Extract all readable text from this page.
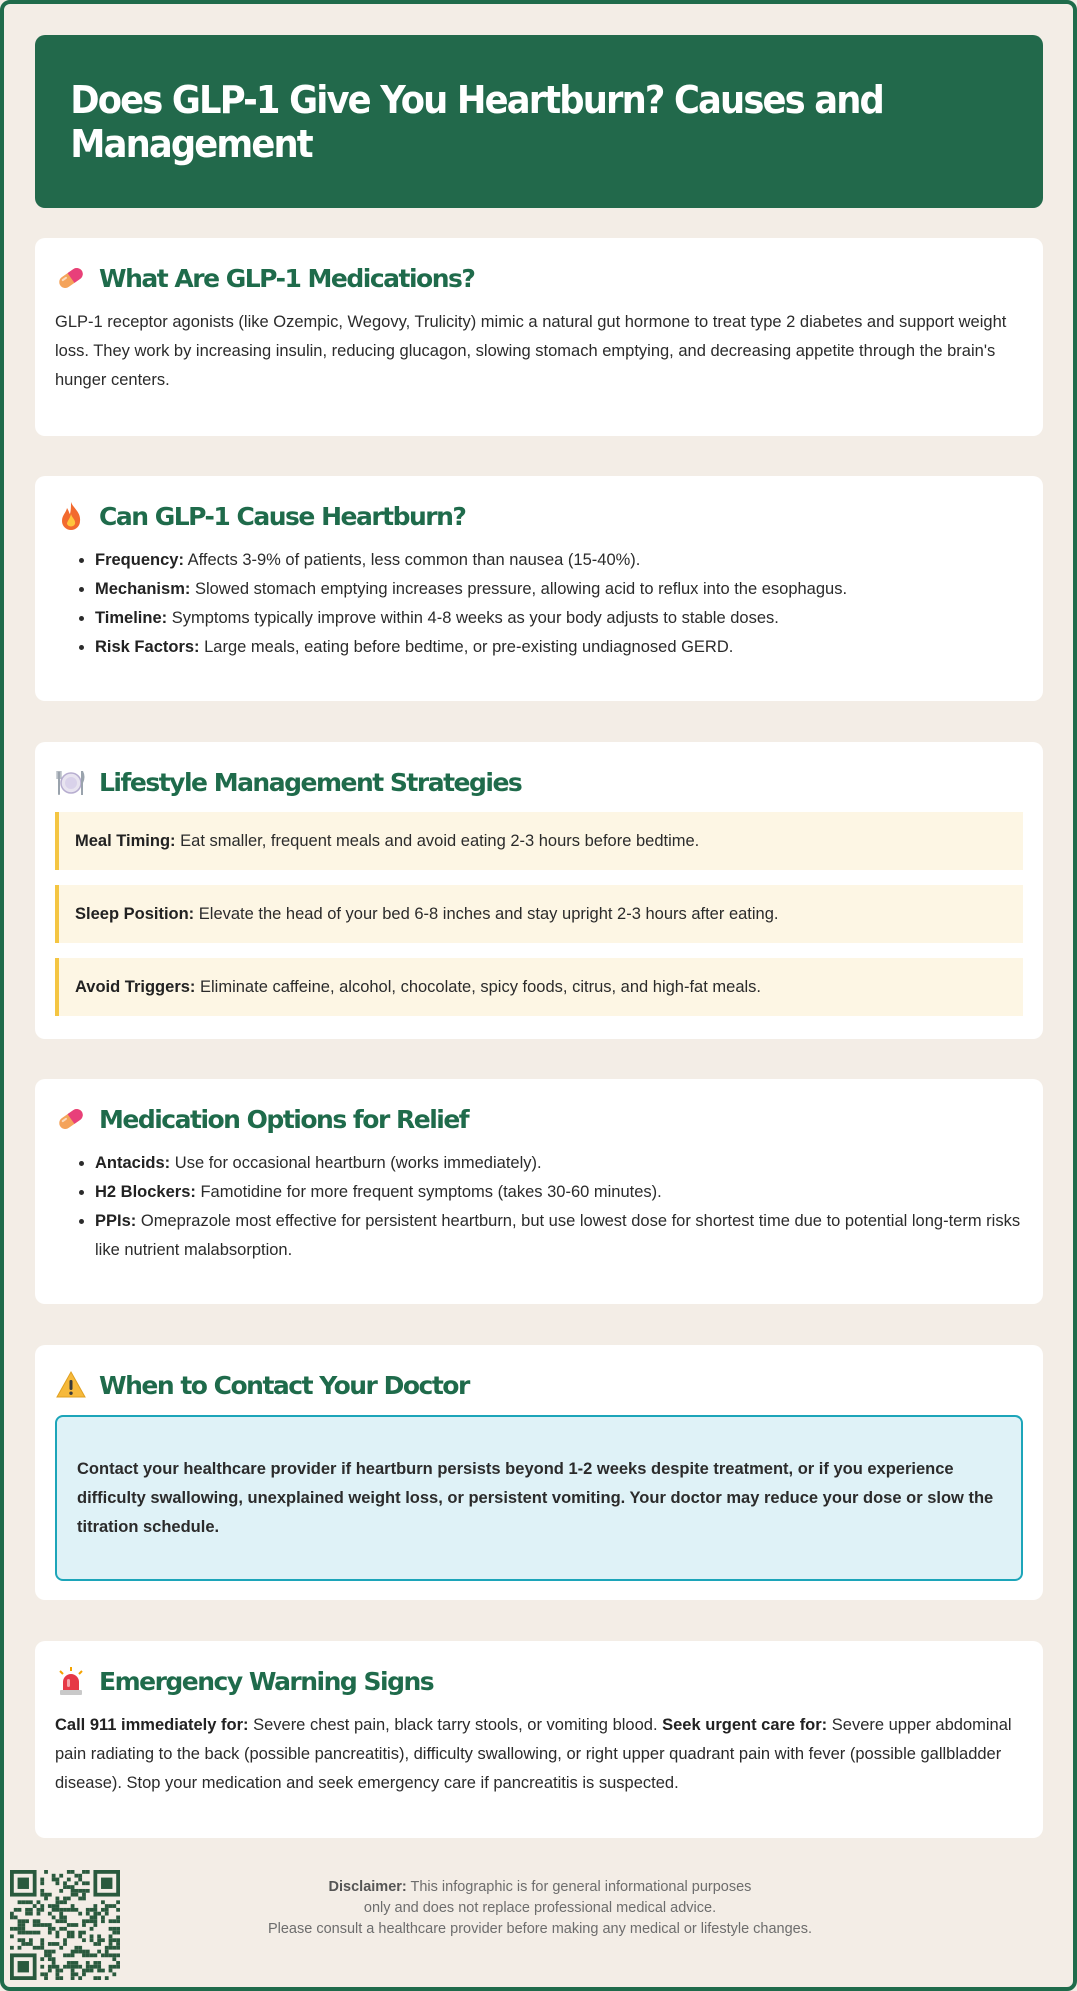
Does GLP-1 Give You Heartburn? Causes and Management
What Are GLP-1 Medications?

GLP-1 receptor agonists (like Ozempic, Wegovy, Trulicity) mimic a natural gut hormone to treat type 2 diabetes and support weight loss. They work by increasing insulin, reducing glucagon, slowing stomach emptying, and decreasing appetite through the brain's hunger centers.

Can GLP-1 Cause Heartburn?
• Frequency: Affects 3-9% of patients, less common than nausea (15-40%).
• Mechanism: Slowed stomach emptying increases pressure, allowing acid to reflux into the esophagus.
• Timeline: Symptoms typically improve within 4-8 weeks as your body adjusts to stable doses.
• Risk Factors: Large meals, eating before bedtime, or pre-existing undiagnosed GERD.
Lifestyle Management Strategies
Meal Timing: Eat smaller, frequent meals and avoid eating 2-3 hours before bedtime.
Sleep Position: Elevate the head of your bed 6-8 inches and stay upright 2-3 hours after eating.
Avoid Triggers: Eliminate caffeine, alcohol, chocolate, spicy foods, citrus, and high-fat meals.
Medication Options for Relief
• Antacids: Use for occasional heartburn (works immediately).
• H2 Blockers: Famotidine for more frequent symptoms (takes 30-60 minutes).
• PPIs: Omeprazole most effective for persistent heartburn, but use lowest dose for shortest time due to potential long-term risks like nutrient malabsorption.
When to Contact Your Doctor
Contact your healthcare provider if heartburn persists beyond 1-2 weeks despite treatment, or if you experience difficulty swallowing, unexplained weight loss, or persistent vomiting. Your doctor may reduce your dose or slow the titration schedule.
Emergency Warning Signs

Call 911 immediately for: Severe chest pain, black tarry stools, or vomiting blood. Seek urgent care for: Severe upper abdominal pain radiating to the back (possible pancreatitis), difficulty swallowing, or right upper quadrant pain with fever (possible gallbladder disease). Stop your medication and seek emergency care if pancreatitis is suspected.

Disclaimer: This infographic is for general informational purposes
only and does not replace professional medical advice.
Please consult a healthcare provider before making any medical or lifestyle changes.
